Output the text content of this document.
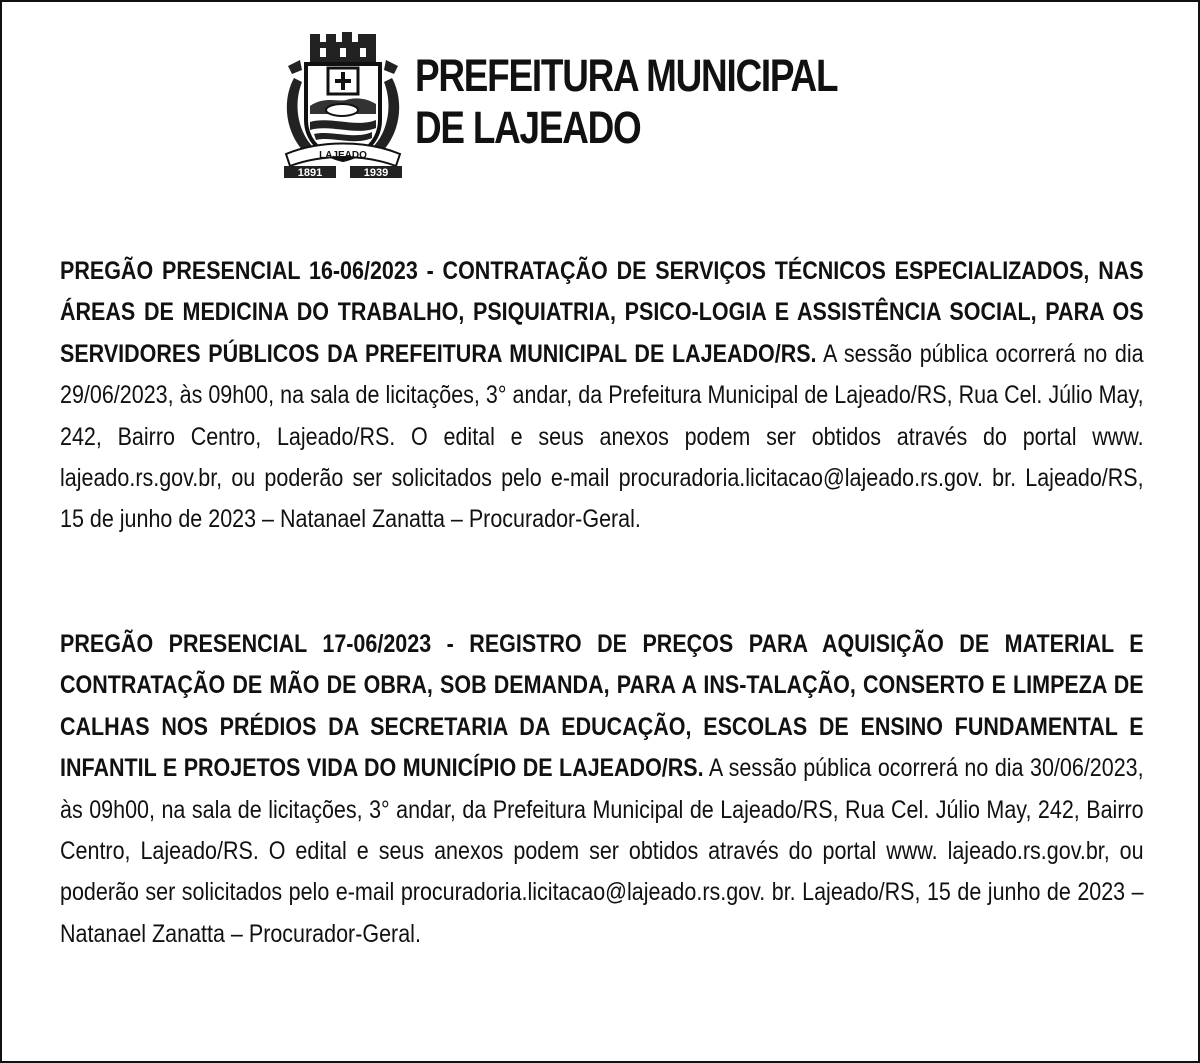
LAJEADO
1891	1939
PREFEITURA MUNICIPAL
DE LAJEADO
PREGÃO PRESENCIAL 16-06/2023 - CONTRATAÇÃO DE SERVIÇOS TÉCNICOS ESPECIALIZADOS, NAS ÁREAS DE MEDICINA DO TRABALHO, PSIQUIATRIA, PSICO-LOGIA E ASSISTÊNCIA SOCIAL, PARA OS SERVIDORES PÚBLICOS DA PREFEITURA MUNICIPAL DE LAJEADO/RS. A sessão pública ocorrerá no dia 29/06/2023, às 09h00, na sala de licitações, 3° andar, da Prefeitura Municipal de Lajeado/RS, Rua Cel. Júlio May, 242, Bairro Centro, Lajeado/RS. O edital e seus anexos podem ser obtidos através do portal www. lajeado.rs.gov.br, ou poderão ser solicitados pelo e-mail procuradoria.licitacao@lajeado.rs.gov. br. Lajeado/RS, 15 de junho de 2023 – Natanael Zanatta – Procurador-Geral.
PREGÃO PRESENCIAL 17-06/2023 - REGISTRO DE PREÇOS PARA AQUISIÇÃO DE MATERIAL E CONTRATAÇÃO DE MÃO DE OBRA, SOB DEMANDA, PARA A INS-TALAÇÃO, CONSERTO E LIMPEZA DE CALHAS NOS PRÉDIOS DA SECRETARIA DA EDUCAÇÃO, ESCOLAS DE ENSINO FUNDAMENTAL E INFANTIL E PROJETOS VIDA DO MUNICÍPIO DE LAJEADO/RS. A sessão pública ocorrerá no dia 30/06/2023, às 09h00, na sala de licitações, 3° andar, da Prefeitura Municipal de Lajeado/RS, Rua Cel. Júlio May, 242, Bairro Centro, Lajeado/RS. O edital e seus anexos podem ser obtidos através do portal www. lajeado.rs.gov.br, ou poderão ser solicitados pelo e-mail procuradoria.licitacao@lajeado.rs.gov. br. Lajeado/RS, 15 de junho de 2023 – Natanael Zanatta – Procurador-Geral.
